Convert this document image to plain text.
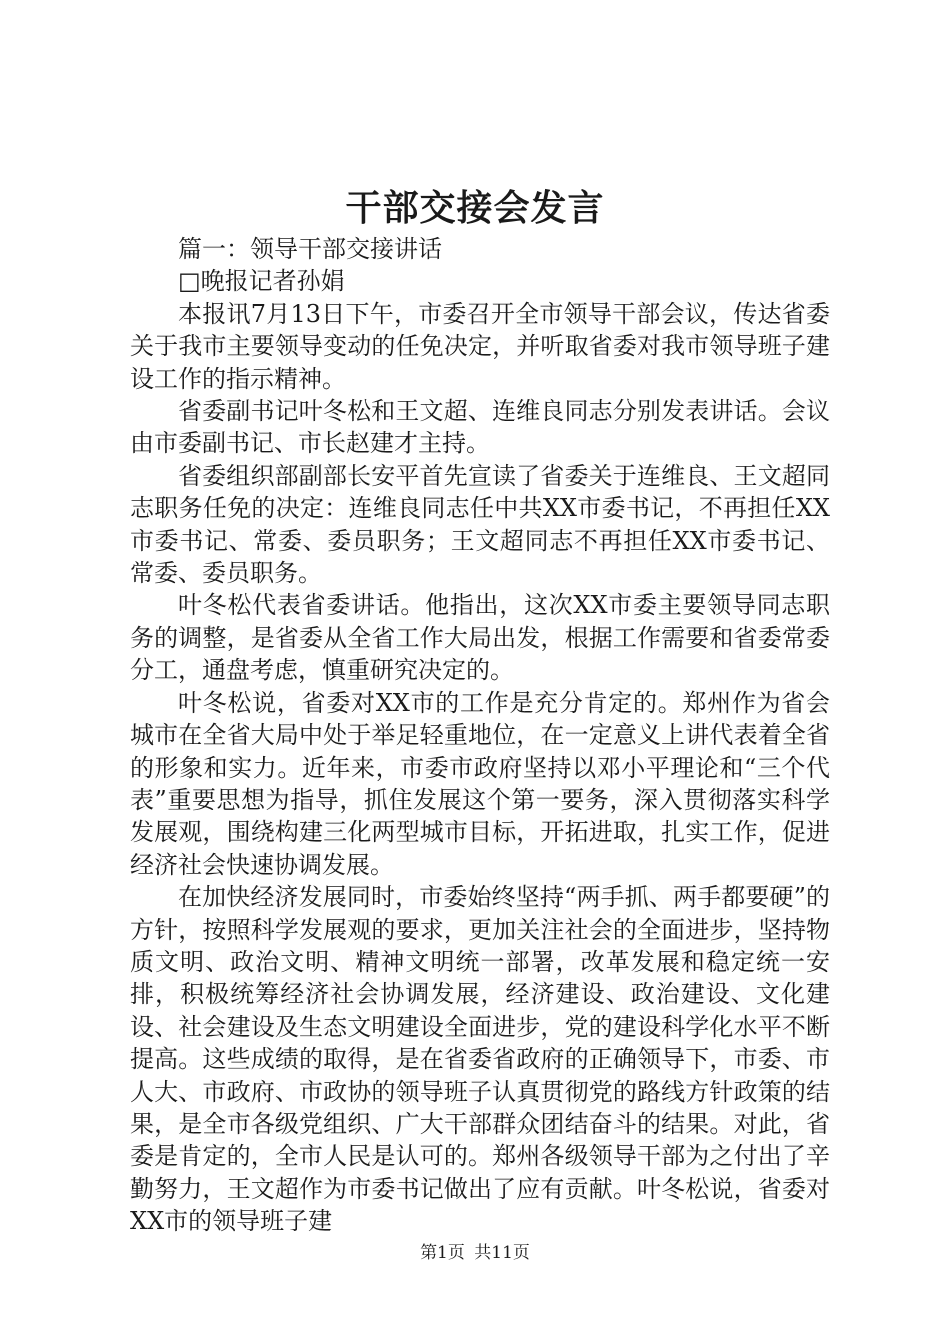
干部交接会发言

篇一：领导干部交接讲话

□晚报记者孙娟

本报讯7月13日下午，市委召开全市领导干部会议，传达省委关于我市主要领导变动的任免决定，并听取省委对我市领导班子建设工作的指示精神。

省委副书记叶冬松和王文超、连维良同志分别发表讲话。会议由市委副书记、市长赵建才主持。

省委组织部副部长安平首先宣读了省委关于连维良、王文超同志职务任免的决定：连维良同志任中共XX市委书记，不再担任XX市委书记、常委、委员职务；王文超同志不再担任XX市委书记、常委、委员职务。

叶冬松代表省委讲话。他指出，这次XX市委主要领导同志职务的调整，是省委从全省工作大局出发，根据工作需要和省委常委分工，通盘考虑，慎重研究决定的。

叶冬松说，省委对XX市的工作是充分肯定的。郑州作为省会城市在全省大局中处于举足轻重地位，在一定意义上讲代表着全省的形象和实力。近年来，市委市政府坚持以邓小平理论和“三个代表”重要思想为指导，抓住发展这个第一要务，深入贯彻落实科学发展观，围绕构建三化两型城市目标，开拓进取，扎实工作，促进经济社会快速协调发展。

在加快经济发展同时，市委始终坚持“两手抓、两手都要硬”的方针，按照科学发展观的要求，更加关注社会的全面进步，坚持物质文明、政治文明、精神文明统一部署，改革发展和稳定统一安排，积极统筹经济社会协调发展，经济建设、政治建设、文化建设、社会建设及生态文明建设全面进步，党的建设科学化水平不断提高。这些成绩的取得，是在省委省政府的正确领导下，市委、市人大、市政府、市政协的领导班子认真贯彻党的路线方针政策的结果，是全市各级党组织、广大干部群众团结奋斗的结果。对此，省委是肯定的，全市人民是认可的。郑州各级领导干部为之付出了辛勤努力，王文超作为市委书记做出了应有贡献。叶冬松说，省委对XX市的领导班子建

第1页 共11页
